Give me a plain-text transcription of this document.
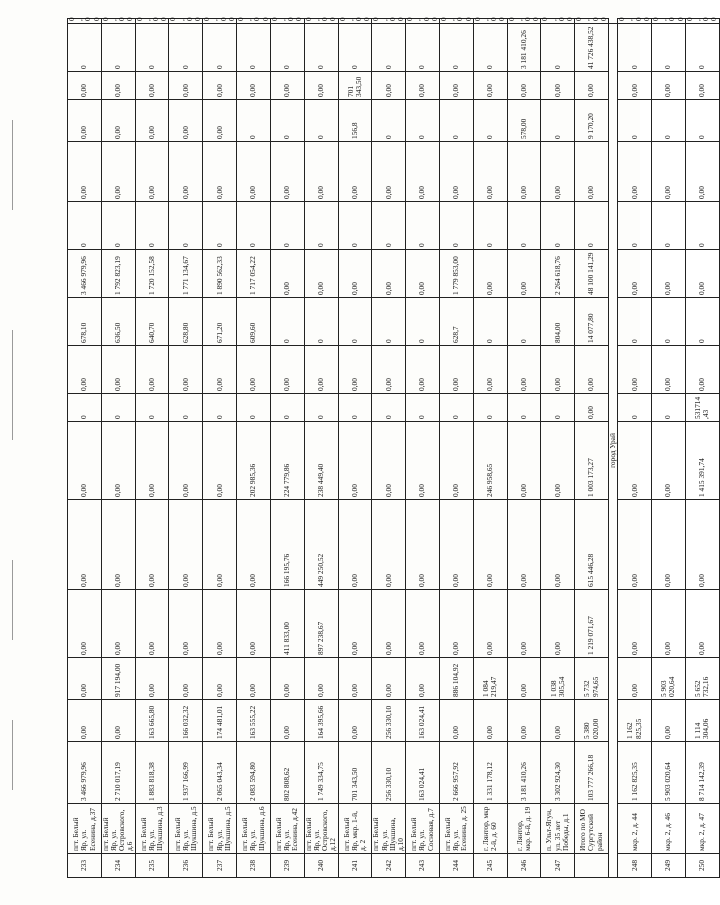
233	пгт. Белый Яр, ул. Есенина, д.37	3 466 979,96	0,00	0,00	0,00	0,00	0,00	0	0,00	678,10	3 466 979,96	0	0,00	0,00	0,00	0	0,00
234	пгт. Белый Яр, ул. Островского, д.6	2 710 017,19	0,00	917 194,00	0,00	0,00	0,00	0	0,00	636,50	1 792 823,19	0	0,00	0,00	0,00	0	0,00
235	пгт. Белый Яр, ул. Шукшина, д.3	1 883 818,38	163 665,80	0,00	0,00	0,00	0,00	0	0,00	640,70	1 720 152,58	0	0,00	0,00	0,00	0	0,00
236	пгт. Белый Яр, ул. Шукшина, д.5	1 937 166,99	166 032,32	0,00	0,00	0,00	0,00	0	0,00	628,80	1 771 134,67	0	0,00	0,00	0,00	0	0,00
237	пгт. Белый Яр, ул. Шукшина, д.5	2 065 043,34	174 481,01	0,00	0,00	0,00	0,00	0	0,00	671,20	1 890 562,33	0	0,00	0,00	0,00	0	0,00
238	пгт. Белый Яр, ул. Шукшина, д.6	2 083 594,80	163 555,22	0,00	0,00	0,00	202 985,36	0	0,00	609,60	1 717 054,22	0	0,00	0	0,00	0	0,00
239	пгт. Белый Яр, ул. Есенина, д.42	802 808,62	0,00	0,00	411 833,00	166 195,76	224 779,86	0	0,00	0	0,00	0	0,00	0	0,00	0	0,00
240	пгт. Белый Яр, ул. Островского, д.12	1 749 334,75	164 395,66	0,00	897 238,67	449 250,52	238 449,40	0	0,00	0	0,00	0	0,00	0	0,00	0	0,00
241	пгт. Белый Яр, мкр. 1-й, д. 2	701 343,50	0,00	0,00	0,00	0,00	0,00	0	0,00	0	0,00	0	0,00	156,8	701 343,50	0	0,00
242	пгт. Белый Яр, ул. Шукшина, д.10	256 330,10	256 330,10	0,00	0,00	0,00	0,00	0	0,00	0	0,00	0	0,00	0	0,00	0	0,00
243	пгт. Белый Яр, ул. Сосновая, д.7	163 024,41	163 024,41	0,00	0,00	0,00	0,00	0	0,00	0	0,00	0	0,00	0	0,00	0	0,00
244	пгт. Белый Яр, ул. Есенина, д. 25	2 666 957,92	0,00	886 104,92	0,00	0,00	0,00	0	0,00	628,7	1 779 853,00	0	0,00	0	0,00	0	0,00
245	г. Лянтор, мкр 2-й, д. 60	1 331 178,12	0,00	1 084 219,47	0,00	0,00	246 958,65	0	0,00	0	0,00	0	0,00	0	0,00	0	0,00
246	г. Лянтор, мкр. 6-й, д. 19	3 181 410,26	0,00	0,00	0,00	0,00	0,00	0	0,00	0	0,00	0	0,00	578,00	0,00	3 181 410,26	0,00
247	п. Ульт-Ягун, ул. 35 лет Победы, д.1	3 302 924,30	0,00	1 038 305,54	0,00	0,00	0,00	0	0,00	804,00	2 264 618,76	0	0,00	0	0,00	0	0,00
	Итого по МО Сургутский район	103 777 266,18	5 380 020,00	5 732 974,65	1 219 071,67	615 446,28	1 003 173,27	0,00	0,00	14 077,80	48 100 141,29	0	0,00	9 170,20	0,00	41 726 438,52	0,00
город Урай																	
248	мкр. 2, д. 44	1 162 825,35	1 162 825,35	0,00	0,00	0,00	0,00	0	0,00	0	0,00	0	0,00	0	0,00	0	0,00
249	мкр. 2, д. 46	5 903 020,64	0,00	5 903 020,64	0,00	0,00	0,00	0	0,00	0	0,00	0	0,00	0	0,00	0	0,00
250	мкр. 2, д. 47	8 714 142,39	1 114 304,06	5 652 732,16	0,00	0,00	1 415 391,74	531714,43	0,00	0	0,00	0	0,00	0	0,00	0	0,00
